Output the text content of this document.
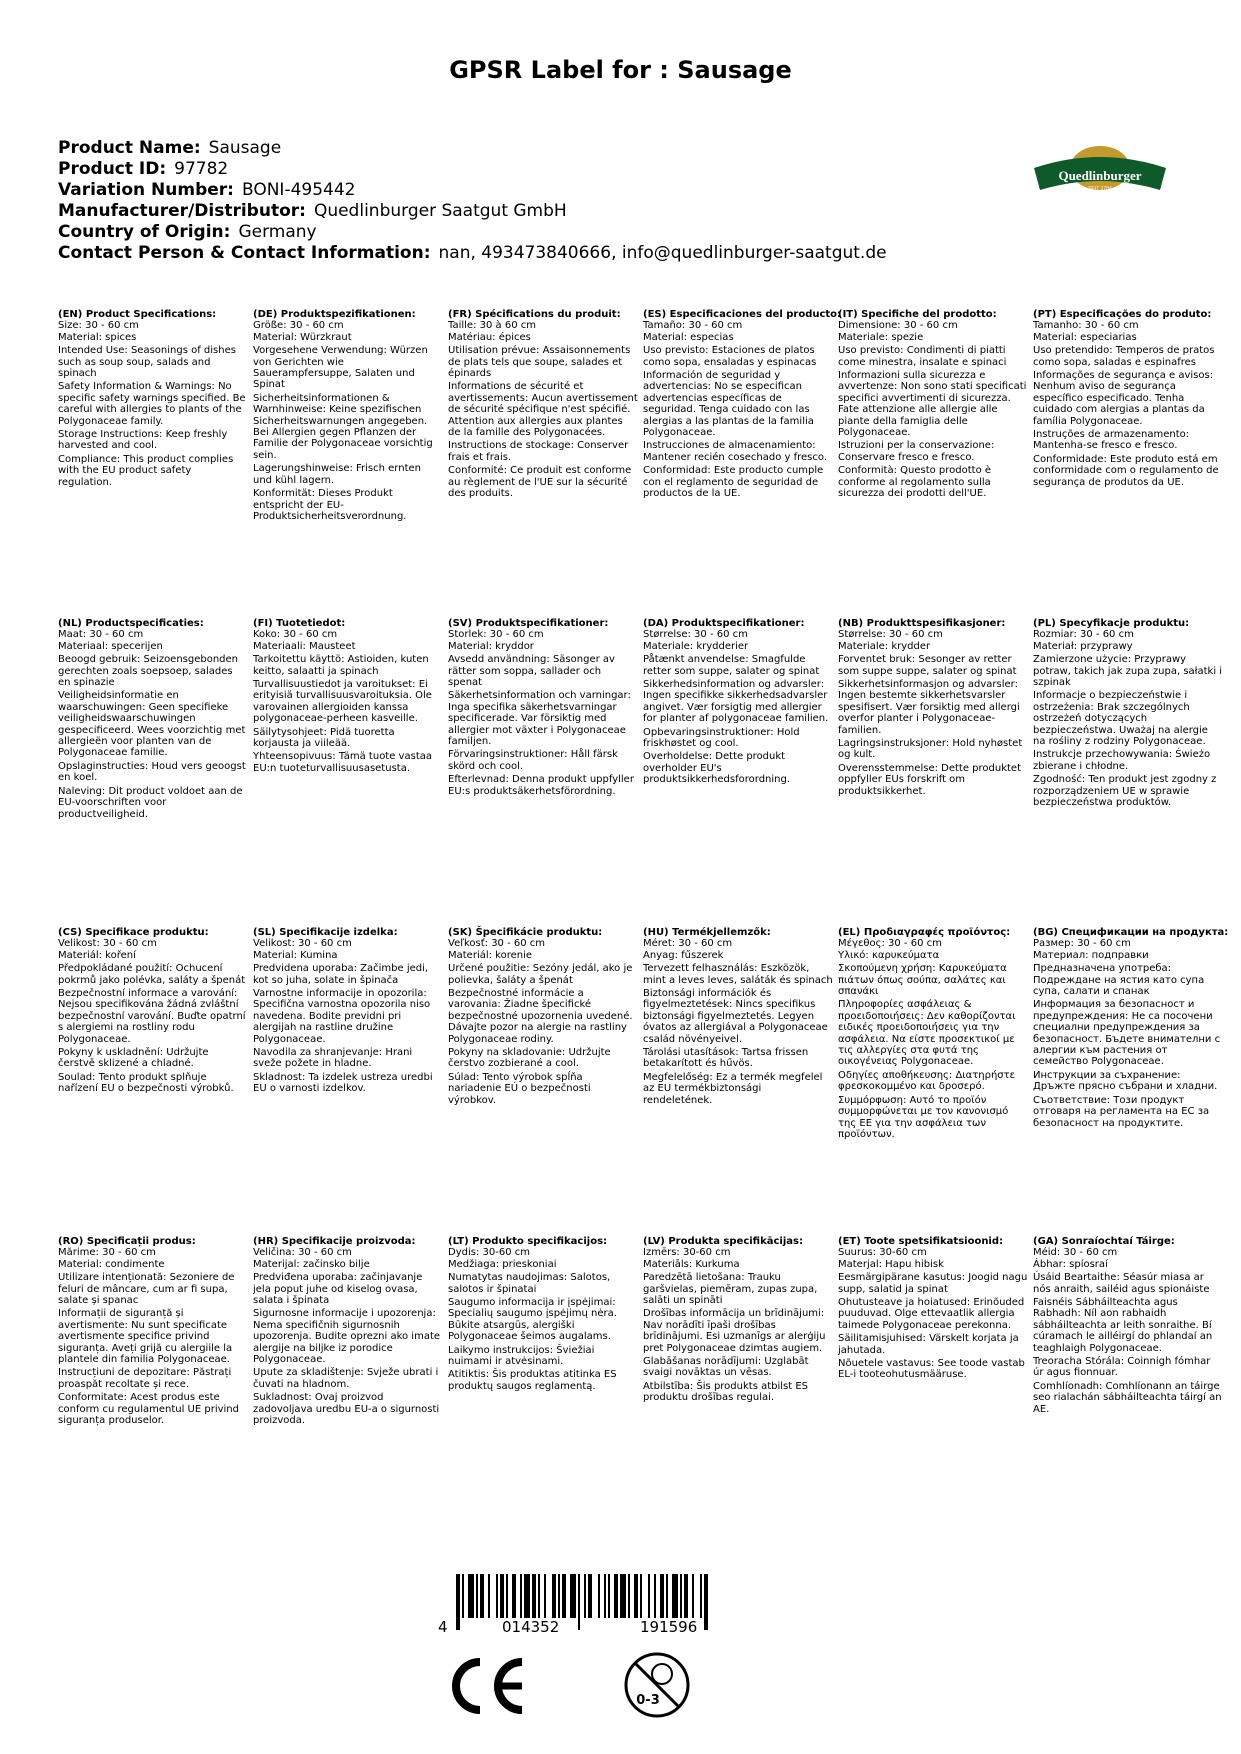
GPSR Label for : Sausage
Product Name: Sausage
Product ID: 97782
Variation Number: BONI-495442
Manufacturer/Distributor: Quedlinburger Saatgut GmbH
Country of Origin: Germany
Contact Person & Contact Information: nan, 493473840666, info@quedlinburger-saatgut.de
Quedlinburger
SEIT 1784
(EN) Product Specifications:
Size: 30 - 60 cm
Material: spices
Intended Use: Seasonings of dishes such as soup soup, salads and spinach
Safety Information & Warnings: No specific safety warnings specified. Be careful with allergies to plants of the Polygonaceae family.
Storage Instructions: Keep freshly harvested and cool.
Compliance: This product complies with the EU product safety regulation.
(DE) Produktspezifikationen:
Größe: 30 - 60 cm
Material: Würzkraut
Vorgesehene Verwendung: Würzen von Gerichten wie Sauerampfersuppe, Salaten und Spinat
Sicherheitsinformationen & Warnhinweise: Keine spezifischen Sicherheitswarnungen angegeben. Bei Allergien gegen Pflanzen der Familie der Polygonaceae vorsichtig sein.
Lagerungshinweise: Frisch ernten und kühl lagern.
Konformität: Dieses Produkt entspricht der EU-Produktsicherheitsverordnung.
(FR) Spécifications du produit:
Taille: 30 à 60 cm
Matériau: épices
Utilisation prévue: Assaisonnements de plats tels que soupe, salades et épinards
Informations de sécurité et avertissements: Aucun avertissement de sécurité spécifique n'est spécifié. Attention aux allergies aux plantes de la famille des Polygonacées.
Instructions de stockage: Conserver frais et frais.
Conformité: Ce produit est conforme au règlement de l'UE sur la sécurité des produits.
(ES) Especificaciones del producto:
Tamaño: 30 - 60 cm
Material: especias
Uso previsto: Estaciones de platos como sopa, ensaladas y espinacas
Información de seguridad y advertencias: No se especifican advertencias específicas de seguridad. Tenga cuidado con las alergias a las plantas de la familia Polygonaceae.
Instrucciones de almacenamiento: Mantener recién cosechado y fresco.
Conformidad: Este producto cumple con el reglamento de seguridad de productos de la UE.
(IT) Specifiche del prodotto:
Dimensione: 30 - 60 cm
Materiale: spezie
Uso previsto: Condimenti di piatti come minestra, insalate e spinaci
Informazioni sulla sicurezza e avvertenze: Non sono stati specificati specifici avvertimenti di sicurezza. Fate attenzione alle allergie alle piante della famiglia delle Polygonaceae.
Istruzioni per la conservazione: Conservare fresco e fresco.
Conformità: Questo prodotto è conforme al regolamento sulla sicurezza dei prodotti dell'UE.
(PT) Especificações do produto:
Tamanho: 30 - 60 cm
Material: especiarias
Uso pretendido: Temperos de pratos como sopa, saladas e espinafres
Informações de segurança e avisos: Nenhum aviso de segurança específico especificado. Tenha cuidado com alergias a plantas da família Polygonaceae.
Instruções de armazenamento: Mantenha-se fresco e fresco.
Conformidade: Este produto está em conformidade com o regulamento de segurança de produtos da UE.
(NL) Productspecificaties:
Maat: 30 - 60 cm
Materiaal: specerijen
Beoogd gebruik: Seizoensgebonden gerechten zoals soepsoep, salades en spinazie
Veiligheidsinformatie en waarschuwingen: Geen specifieke veiligheidswaarschuwingen gespecificeerd. Wees voorzichtig met allergieën voor planten van de Polygonaceae familie.
Opslaginstructies: Houd vers geoogst en koel.
Naleving: Dit product voldoet aan de EU-voorschriften voor productveiligheid.
(FI) Tuotetiedot:
Koko: 30 - 60 cm
Materiaali: Mausteet
Tarkoitettu käyttö: Astioiden, kuten keitto, salaatti ja spinach
Turvallisuustiedot ja varoitukset: Ei erityisiä turvallisuusvaroituksia. Ole varovainen allergioiden kanssa polygonaceae-perheen kasveille.
Säilytysohjeet: Pidä tuoretta korjausta ja viileää.
Yhteensopivuus: Tämä tuote vastaa EU:n tuoteturvallisuusasetusta.
(SV) Produktspecifikationer:
Storlek: 30 - 60 cm
Material: kryddor
Avsedd användning: Säsonger av rätter som soppa, sallader och spenat
Säkerhetsinformation och varningar: Inga specifika säkerhetsvarningar specificerade. Var försiktig med allergier mot växter i Polygonaceae familjen.
Förvaringsinstruktioner: Håll färsk skörd och cool.
Efterlevnad: Denna produkt uppfyller EU:s produktsäkerhetsförordning.
(DA) Produktspecifikationer:
Størrelse: 30 - 60 cm
Materiale: krydderier
Påtænkt anvendelse: Smagfulde retter som suppe, salater og spinat
Sikkerhedsinformation og advarsler: Ingen specifikke sikkerhedsadvarsler angivet. Vær forsigtig med allergier for planter af polygonaceae familien.
Opbevaringsinstruktioner: Hold friskhøstet og cool.
Overholdelse: Dette produkt overholder EU's produktsikkerhedsforordning.
(NB) Produkttspesifikasjoner:
Størrelse: 30 - 60 cm
Materiale: krydder
Forventet bruk: Sesonger av retter som suppe suppe, salater og spinat
Sikkerhetsinformasjon og advarsler: Ingen bestemte sikkerhetsvarsler spesifisert. Vær forsiktig med allergi overfor planter i Polygonaceae-familien.
Lagringsinstruksjoner: Hold nyhøstet og kult.
Overensstemmelse: Dette produktet oppfyller EUs forskrift om produktsikkerhet.
(PL) Specyfikacje produktu:
Rozmiar: 30 - 60 cm
Materiał: przyprawy
Zamierzone użycie: Przyprawy potraw, takich jak zupa zupa, sałatki i szpinak
Informacje o bezpieczeństwie i ostrzeżenia: Brak szczególnych ostrzeżeń dotyczących bezpieczeństwa. Uważaj na alergie na rośliny z rodziny Polygonaceae.
Instrukcje przechowywania: Świeżo zbierane i chłodne.
Zgodność: Ten produkt jest zgodny z rozporządzeniem UE w sprawie bezpieczeństwa produktów.
(CS) Specifikace produktu:
Velikost: 30 - 60 cm
Materiál: koření
Předpokládané použití: Ochucení pokrmů jako polévka, saláty a špenát
Bezpečnostní informace a varování: Nejsou specifikována žádná zvláštní bezpečnostní varování. Buďte opatrní s alergiemi na rostliny rodu Polygonaceae.
Pokyny k uskladnění: Udržujte čerstvě sklizené a chladné.
Soulad: Tento produkt splňuje nařízení EU o bezpečnosti výrobků.
(SL) Specifikacije izdelka:
Velikost: 30 - 60 cm
Material: Kumina
Predvidena uporaba: Začimbe jedi, kot so juha, solate in špinača
Varnostne informacije in opozorila: Specifična varnostna opozorila niso navedena. Bodite previdni pri alergijah na rastline družine Polygonaceae.
Navodila za shranjevanje: Hrani sveže požete in hladne.
Skladnost: Ta izdelek ustreza uredbi EU o varnosti izdelkov.
(SK) Špecifikácie produktu:
Veľkosť: 30 - 60 cm
Materiál: korenie
Určené použitie: Sezóny jedál, ako je polievka, šaláty a špenát
Bezpečnostné informácie a varovania: Žiadne špecifické bezpečnostné upozornenia uvedené. Dávajte pozor na alergie na rastliny Polygonaceae rodiny.
Pokyny na skladovanie: Udržujte čerstvo zozbierané a cool.
Súlad: Tento výrobok spĺňa nariadenie EÚ o bezpečnosti výrobkov.
(HU) Termékjellemzők:
Méret: 30 - 60 cm
Anyag: fűszerek
Tervezett felhasználás: Eszközök, mint a leves leves, saláták és spinach
Biztonsági információk és figyelmeztetések: Nincs specifikus biztonsági figyelmeztetés. Legyen óvatos az allergiával a Polygonaceae család növényeivel.
Tárolási utasítások: Tartsa frissen betakarított és hűvös.
Megfelelőség: Ez a termék megfelel az EU termékbiztonsági rendeletének.
(EL) Προδιαγραφές προϊόντος:
Μέγεθος: 30 - 60 cm
Υλικό: καρυκεύματα
Σκοπούμενη χρήση: Καρυκεύματα πιάτων όπως σούπα, σαλάτες και σπανάκι
Πληροφορίες ασφάλειας & προειδοποιήσεις: Δεν καθορίζονται ειδικές προειδοποιήσεις για την ασφάλεια. Να είστε προσεκτικοί με τις αλλεργίες στα φυτά της οικογένειας Polygonaceae.
Οδηγίες αποθήκευσης: Διατηρήστε φρεσκοκομμένο και δροσερό.
Συμμόρφωση: Αυτό το προϊόν συμμορφώνεται με τον κανονισμό της ΕΕ για την ασφάλεια των προϊόντων.
(BG) Спецификации на продукта:
Размер: 30 - 60 cm
Материал: подправки
Предназначена употреба: Подреждане на ястия като супа супа, салати и спанак
Информация за безопасност и предупреждения: Не са посочени специални предупреждения за безопасност. Бъдете внимателни с алергии към растения от семейство Polygonaceae.
Инструкции за съхранение: Дръжте прясно събрани и хладни.
Съответствие: Този продукт отговаря на регламента на ЕС за безопасност на продуктите.
(RO) Specificații produs:
Mărime: 30 - 60 cm
Material: condimente
Utilizare intenționată: Sezoniere de feluri de mâncare, cum ar fi supa, salate și spanac
Informații de siguranță și avertismente: Nu sunt specificate avertismente specifice privind siguranța. Aveți grijă cu alergiile la plantele din familia Polygonaceae.
Instrucțiuni de depozitare: Păstrați proaspăt recoltate și rece.
Conformitate: Acest produs este conform cu regulamentul UE privind siguranța produselor.
(HR) Specifikacije proizvoda:
Veličina: 30 - 60 cm
Materijal: začinsko bilje
Predviđena uporaba: začinjavanje jela poput juhe od kiselog ovasa, salata i špinata
Sigurnosne informacije i upozorenja: Nema specifičnih sigurnosnih upozorenja. Budite oprezni ako imate alergije na biljke iz porodice Polygonaceae.
Upute za skladištenje: Svježe ubrati i čuvati na hladnom.
Sukladnost: Ovaj proizvod zadovoljava uredbu EU-a o sigurnosti proizvoda.
(LT) Produkto specifikacijos:
Dydis: 30-60 cm
Medžiaga: prieskoniai
Numatytas naudojimas: Salotos, salotos ir špinatai
Saugumo informacija ir įspėjimai: Specialių saugumo įspėjimų nėra. Būkite atsargūs, alergiški Polygonaceae šeimos augalams.
Laikymo instrukcijos: Šviežiai nuimami ir atvėsinami.
Atitiktis: Šis produktas atitinka ES produktų saugos reglamentą.
(LV) Produkta specifikācijas:
Izmērs: 30-60 cm
Materiāls: Kurkuma
Paredzētā lietošana: Trauku garšvielas, piemēram, zupas zupa, salāti un spināti
Drošības informācija un brīdinājumi: Nav norādīti īpaši drošības brīdinājumi. Esi uzmanīgs ar alerģiju pret Polygonaceae dzimtas augiem.
Glabāšanas norādījumi: Uzglabāt svaigi novāktas un vēsas.
Atbilstība: Šis produkts atbilst ES produktu drošības regulai.
(ET) Toote spetsifikatsioonid:
Suurus: 30-60 cm
Materjal: Hapu hibisk
Eesmärgipärane kasutus: Joogid nagu supp, salatid ja spinat
Ohutusteave ja hoiatused: Erinõuded puuduvad. Olge ettevaatlik allergia taimede Polygonaceae perekonna.
Säilitamisjuhised: Värskelt korjata ja jahutada.
Nõuetele vastavus: See toode vastab EL-i tooteohutusmääruse.
(GA) Sonraíochtaí Táirge:
Méid: 30 - 60 cm
Ábhar: spíosraí
Úsáid Beartaithe: Séasúr miasa ar nós anraith, sailéid agus spionáiste
Faisnéis Sábháilteachta agus Rabhadh: Níl aon rabhaidh sábháilteachta ar leith sonraithe. Bí cúramach le ailléirgí do phlandaí an teaghlaigh Polygonaceae.
Treoracha Stórála: Coinnigh fómhar úr agus fionnuar.
Comhlíonadh: Comhlíonann an táirge seo rialachán sábháilteachta táirgí an AE.
4	014352	191596
0-3
